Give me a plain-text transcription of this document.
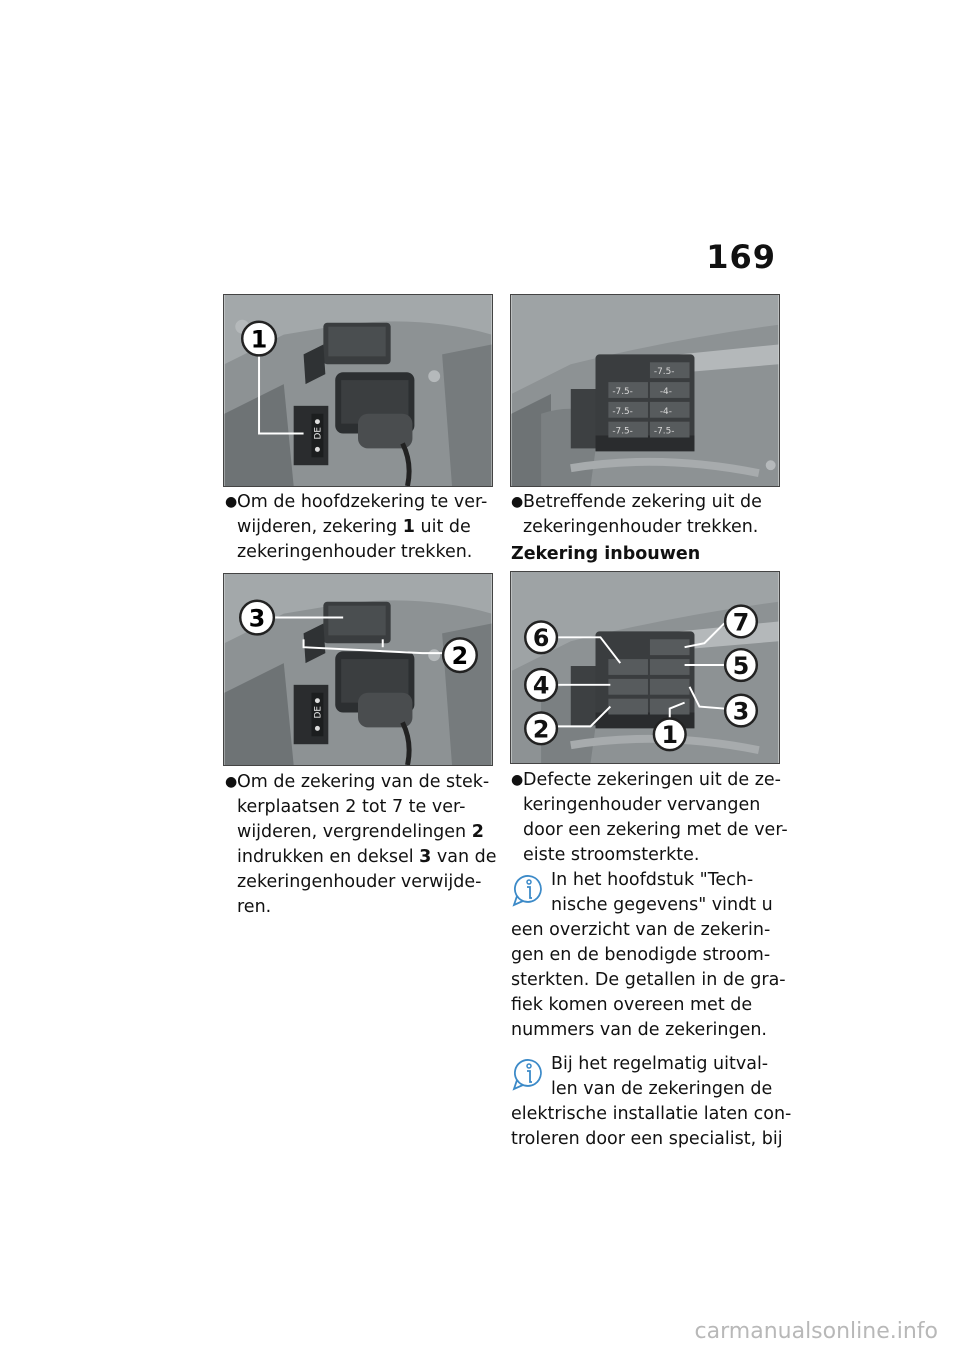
169
DE
1
● Om de hoofdzekering te ver-
wijderen, zekering 1 uit de
zekeringenhouder trekken.
DE
3
2
● Om de zekering van de stek-
kerplaatsen 2 tot 7 te ver-
wijderen, vergrendelingen 2
indrukken en deksel 3 van de
zekeringenhouder verwijde-
ren.
-7.5-
-7.5-	-4-
-7.5-	-4-
-7.5- -7.5-
● Betreffende zekering uit de
zekeringenhouder trekken.
Zekering inbouwen
6
7
5
4
3
2	1
● Defecte zekeringen uit de ze-
keringenhouder vervangen
door een zekering met de ver-
eiste stroomsterkte.
In het hoofdstuk "Tech-
nische gegevens" vindt u
een overzicht van de zekerin-
gen en de benodigde stroom-
sterkten. De getallen in de gra-
fiek komen overeen met de
nummers van de zekeringen.
Bij het regelmatig uitval-
len van de zekeringen de
elektrische installatie laten con-
troleren door een specialist, bij
carmanualsonline.info
